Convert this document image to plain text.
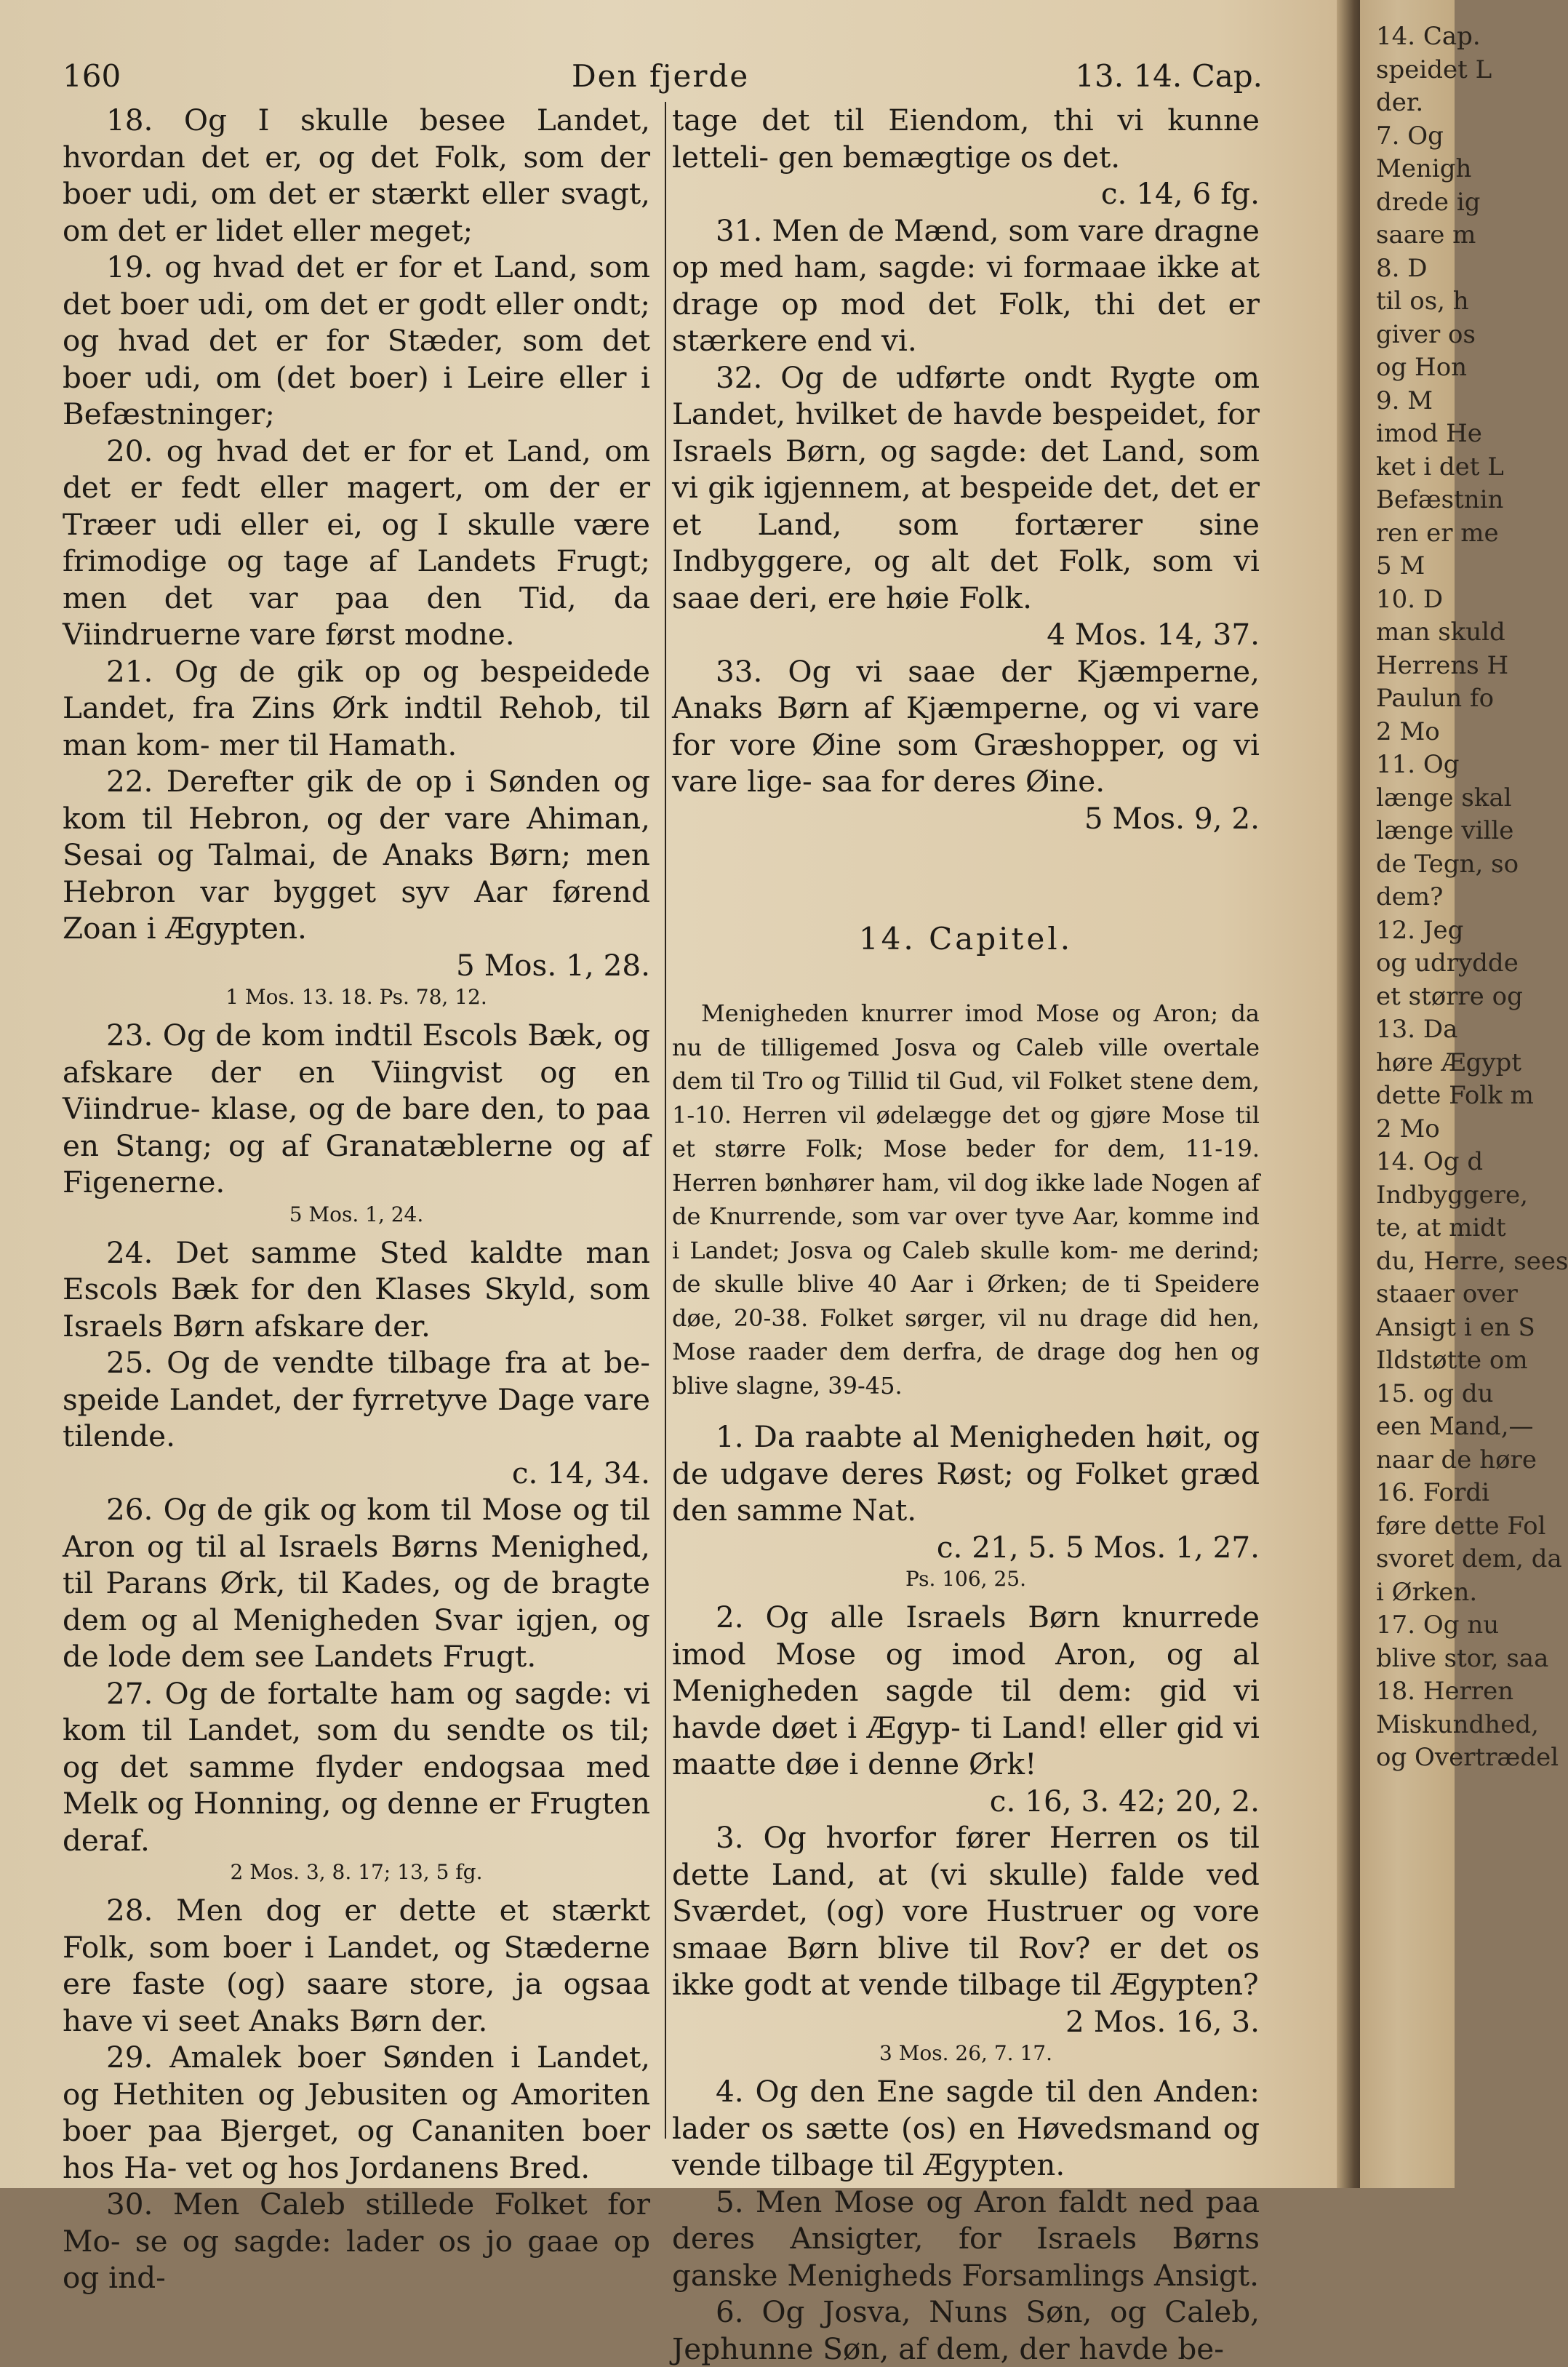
160	Den fjerde	13. 14. Cap.

18. Og I skulle besee Landet, hvordan det er, og det Folk, som der boer udi, om det er stærkt eller svagt, om det er lidet eller meget;

19. og hvad det er for et Land, som det boer udi, om det er godt eller ondt; og hvad det er for Stæder, som det boer udi, om (det boer) i Leire eller i Befæstninger;

20. og hvad det er for et Land, om det er fedt eller magert, om der er Træer udi eller ei, og I skulle være frimodige og tage af Landets Frugt; men det var paa den Tid, da Viindruerne vare først modne.

21. Og de gik op og bespeidede Landet, fra Zins Ørk indtil Rehob, til man kom- mer til Hamath.

22. Derefter gik de op i Sønden og kom til Hebron, og der vare Ahiman, Sesai og Talmai, de Anaks Børn; men Hebron var bygget syv Aar førend Zoan i Ægypten.
5 Mos. 1, 28.

1 Mos. 13. 18. Ps. 78, 12.

23. Og de kom indtil Escols Bæk, og afskare der en Viingvist og en Viindrue- klase, og de bare den, to paa en Stang; og af Granatæblerne og af Figenerne.

5 Mos. 1, 24.

24. Det samme Sted kaldte man Escols Bæk for den Klases Skyld, som Israels Børn afskare der.

25. Og de vendte tilbage fra at be- speide Landet, der fyrretyve Dage vare tilende.
c. 14, 34.

26. Og de gik og kom til Mose og til Aron og til al Israels Børns Menighed, til Parans Ørk, til Kades, og de bragte dem og al Menigheden Svar igjen, og de lode dem see Landets Frugt.

27. Og de fortalte ham og sagde: vi kom til Landet, som du sendte os til; og det samme flyder endogsaa med Melk og Honning, og denne er Frugten deraf.

2 Mos. 3, 8. 17; 13, 5 fg.

28. Men dog er dette et stærkt Folk, som boer i Landet, og Stæderne ere faste (og) saare store, ja ogsaa have vi seet Anaks Børn der.

29. Amalek boer Sønden i Landet, og Hethiten og Jebusiten og Amoriten boer paa Bjerget, og Cananiten boer hos Ha- vet og hos Jordanens Bred.

30. Men Caleb stillede Folket for Mo- se og sagde: lader os jo gaae op og ind-

tage det til Eiendom, thi vi kunne letteli- gen bemægtige os det.
c. 14, 6 fg.

31. Men de Mænd, som vare dragne op med ham, sagde: vi formaae ikke at drage op mod det Folk, thi det er stærkere end vi.

32. Og de udførte ondt Rygte om Landet, hvilket de havde bespeidet, for Israels Børn, og sagde: det Land, som vi gik igjennem, at bespeide det, det er et Land, som fortærer sine Indbyggere, og alt det Folk, som vi saae deri, ere høie Folk.
4 Mos. 14, 37.

33. Og vi saae der Kjæmperne, Anaks Børn af Kjæmperne, og vi vare for vore Øine som Græshopper, og vi vare lige- saa for deres Øine.
5 Mos. 9, 2.

14. Capitel.

Menigheden knurrer imod Mose og Aron; da nu de tilligemed Josva og Caleb ville overtale dem til Tro og Tillid til Gud, vil Folket stene dem, 1-10. Herren vil ødelægge det og gjøre Mose til et større Folk; Mose beder for dem, 11-19. Herren bønhører ham, vil dog ikke lade Nogen af de Knurrende, som var over tyve Aar, komme ind i Landet; Josva og Caleb skulle kom- me derind; de skulle blive 40 Aar i Ørken; de ti Speidere døe, 20-38. Folket sørger, vil nu drage did hen, Mose raader dem derfra, de drage dog hen og blive slagne, 39-45.

1. Da raabte al Menigheden høit, og de udgave deres Røst; og Folket græd den samme Nat.
c. 21, 5. 5 Mos. 1, 27.

Ps. 106, 25.

2. Og alle Israels Børn knurrede imod Mose og imod Aron, og al Menigheden sagde til dem: gid vi havde døet i Ægyp- ti Land! eller gid vi maatte døe i denne Ørk!
c. 16, 3. 42; 20, 2.

3. Og hvorfor fører Herren os til dette Land, at (vi skulle) falde ved Sværdet, (og) vore Hustruer og vore smaae Børn blive til Rov? er det os ikke godt at vende tilbage til Ægypten?
2 Mos. 16, 3.

3 Mos. 26, 7. 17.

4. Og den Ene sagde til den Anden: lader os sætte (os) en Høvedsmand og vende tilbage til Ægypten.

5. Men Mose og Aron faldt ned paa deres Ansigter, for Israels Børns ganske Menigheds Forsamlings Ansigt.

6. Og Josva, Nuns Søn, og Caleb, Jephunne Søn, af dem, der havde be-

14. Cap.
speidet L
der.
7. Og
Menigh
drede ig
saare m
8. D
til os, h
giver os
og Hon
9. M
imod He
ket i det L
Befæstnin
ren er me
5 M
10. D
man skuld
Herrens H
Paulun fo
2 Mo
11. Og
længe skal
længe ville
de Tegn, so
dem?
12. Jeg
og udrydde
et større og
13. Da
høre Ægypt
dette Folk m
2 Mo
14. Og d
Indbyggere,
te, at midt
du, Herre, sees
staaer over
Ansigt i en S
Ildstøtte om
15. og du
een Mand,—
naar de høre
16. Fordi
føre dette Fol
svoret dem, da
i Ørken.
17. Og nu
blive stor, saa
18. Herren
Miskundhed,
og Overtrædel
